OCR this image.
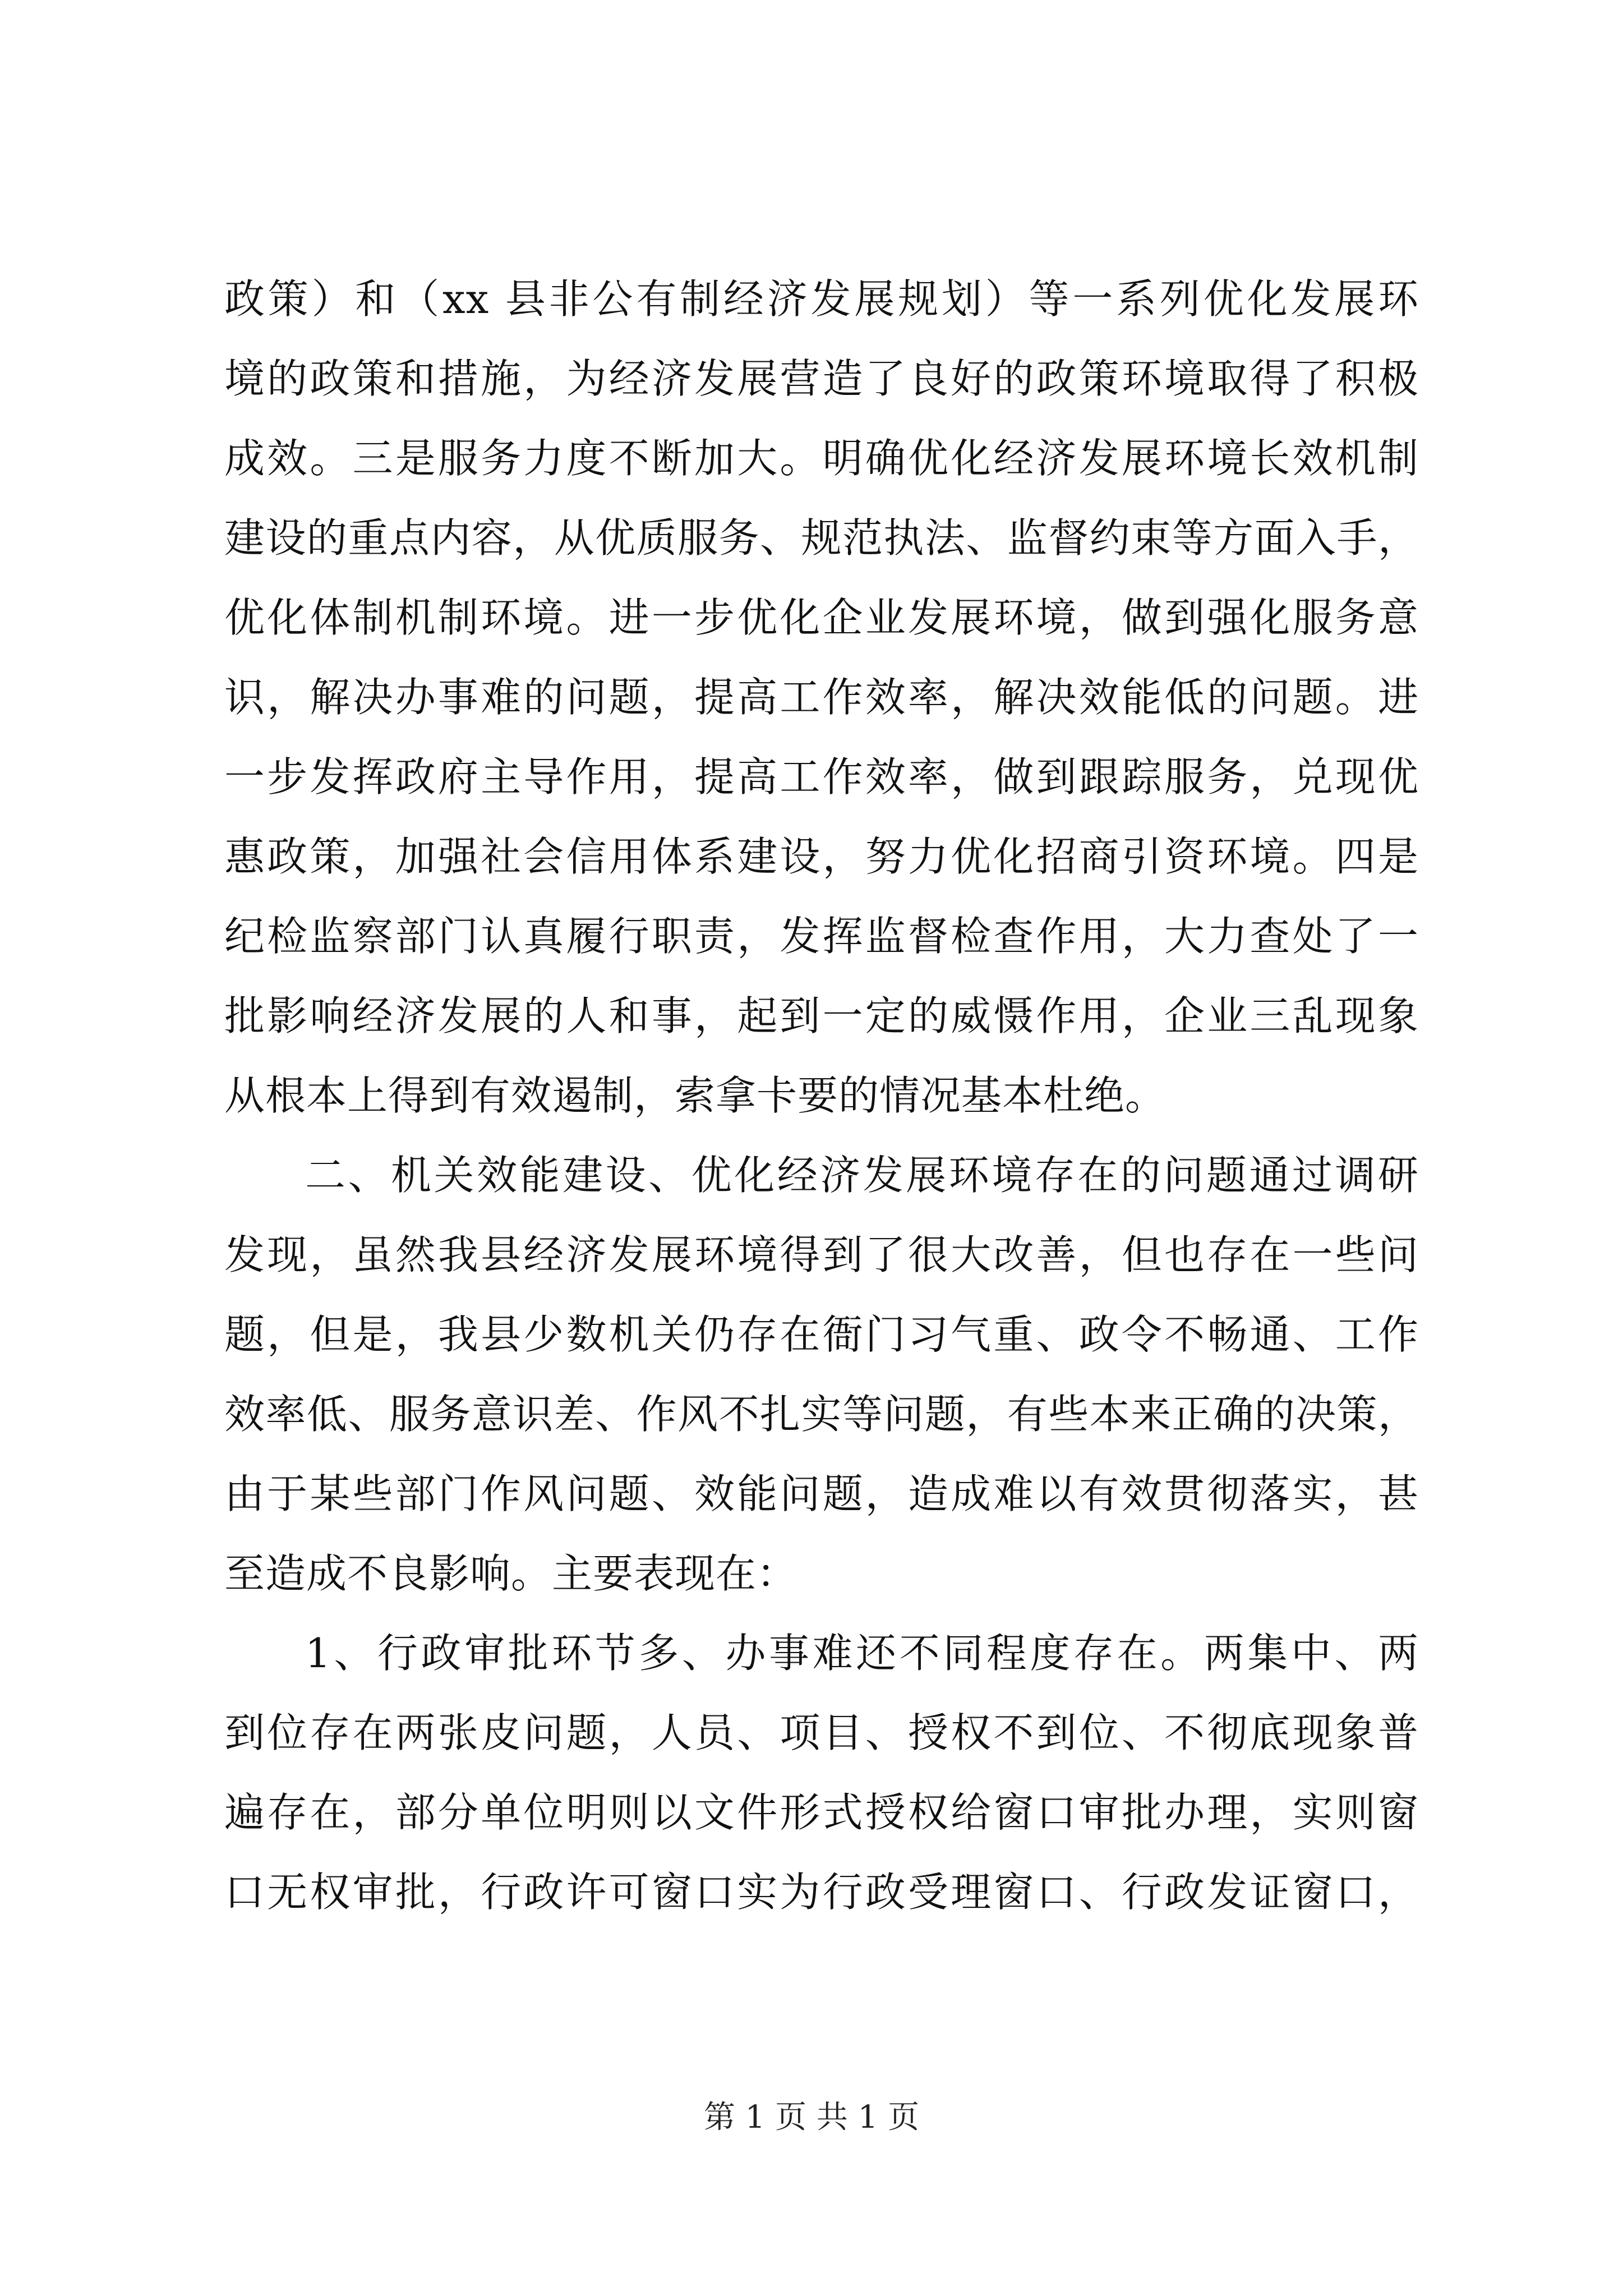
政策）和（xx 县非公有制经济发展规划）等一系列优化发展环
境的政策和措施，为经济发展营造了良好的政策环境取得了积极
成效。三是服务力度不断加大。明确优化经济发展环境长效机制
建设的重点内容，从优质服务、规范执法、监督约束等方面入手，
优化体制机制环境。进一步优化企业发展环境，做到强化服务意
识，解决办事难的问题，提高工作效率，解决效能低的问题。进
一步发挥政府主导作用，提高工作效率，做到跟踪服务，兑现优
惠政策，加强社会信用体系建设，努力优化招商引资环境。四是
纪检监察部门认真履行职责，发挥监督检查作用，大力查处了一
批影响经济发展的人和事，起到一定的威慑作用，企业三乱现象
从根本上得到有效遏制，索拿卡要的情况基本杜绝。
二、机关效能建设、优化经济发展环境存在的问题通过调研
发现，虽然我县经济发展环境得到了很大改善，但也存在一些问
题，但是，我县少数机关仍存在衙门习气重、政令不畅通、工作
效率低、服务意识差、作风不扎实等问题，有些本来正确的决策，
由于某些部门作风问题、效能问题，造成难以有效贯彻落实，甚
至造成不良影响。主要表现在：
1、行政审批环节多、办事难还不同程度存在。两集中、两
到位存在两张皮问题，人员、项目、授权不到位、不彻底现象普
遍存在，部分单位明则以文件形式授权给窗口审批办理，实则窗
口无权审批，行政许可窗口实为行政受理窗口、行政发证窗口，
第 1 页 共 1 页
